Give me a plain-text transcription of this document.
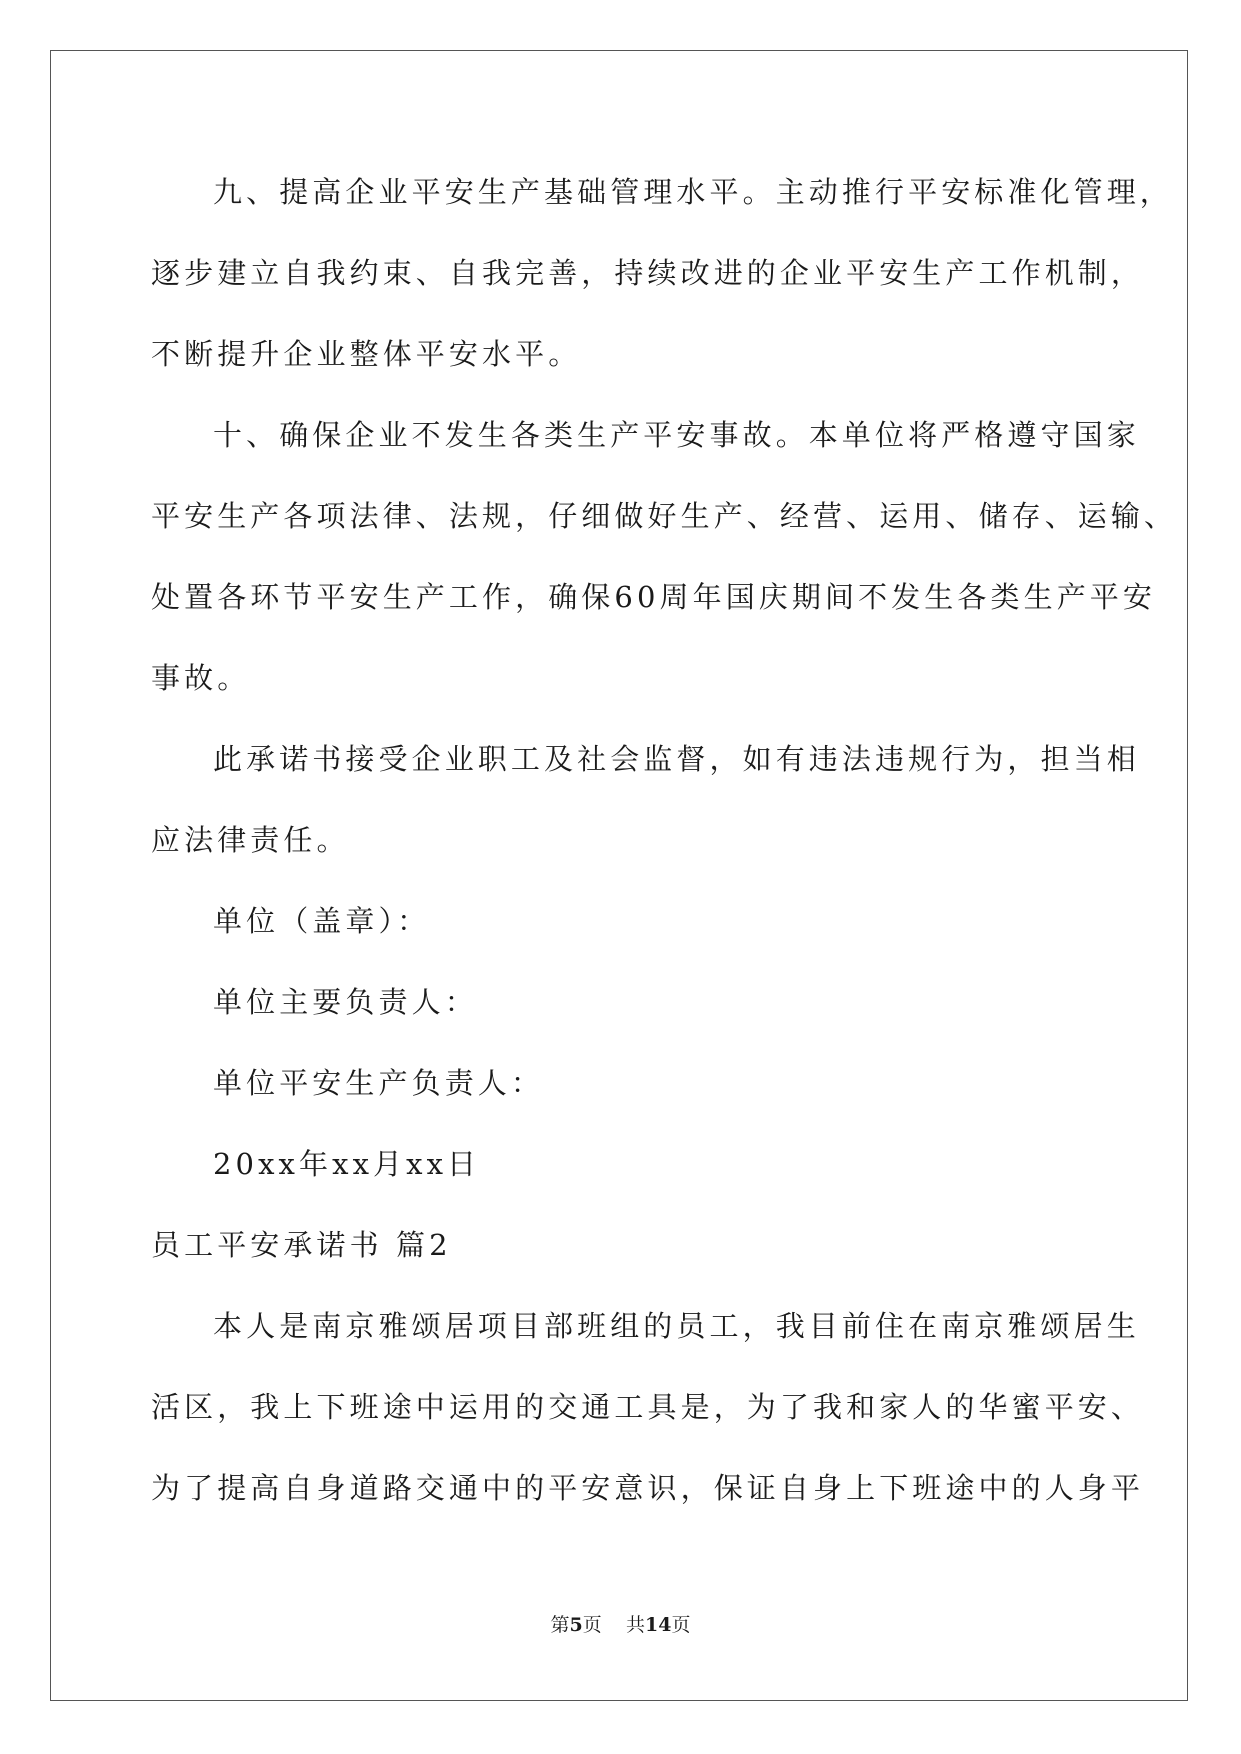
九、提高企业平安生产基础管理水平。主动推行平安标准化管理，
逐步建立自我约束、自我完善，持续改进的企业平安生产工作机制，
不断提升企业整体平安水平。
十、确保企业不发生各类生产平安事故。本单位将严格遵守国家
平安生产各项法律、法规，仔细做好生产、经营、运用、储存、运输、
处置各环节平安生产工作，确保60周年国庆期间不发生各类生产平安
事故。
此承诺书接受企业职工及社会监督，如有违法违规行为，担当相
应法律责任。
单位（盖章）：
单位主要负责人：
单位平安生产负责人：
20xx年xx月xx日
员工平安承诺书 篇2
本人是南京雅颂居项目部班组的员工，我目前住在南京雅颂居生
活区，我上下班途中运用的交通工具是，为了我和家人的华蜜平安、
为了提高自身道路交通中的平安意识，保证自身上下班途中的人身平
第5页 共14页
